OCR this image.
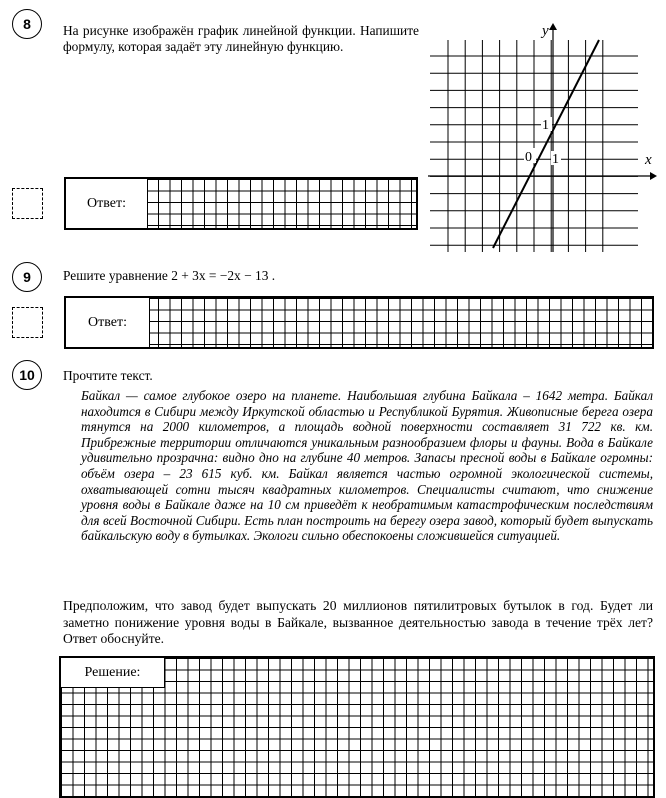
8	На рисунке изображён график линейной функции. Напишите формулу, которая задаёт эту линейную функцию.
1
0 1	x
y
Ответ:
9	Решите уравнение 2 + 3x = −2x − 13 .
Ответ:
10	Прочтите текст.
Байкал — самое глубокое озеро на планете. Наибольшая глубина Байкала – 1642 метра. Байкал находится в Сибири между Иркутской областью и Республикой Бурятия. Живописные берега озера тянутся на 2000 километров, а площадь водной поверхности составляет 31 722 кв. км. Прибрежные территории отличаются уникальным разнообразием флоры и фауны. Вода в Байкале удивительно прозрачна: видно дно на глубине 40 метров. Запасы пресной воды в Байкале огромны: объём озера – 23 615 куб. км. Байкал является частью огромной экологической системы, охватывающей сотни тысяч квадратных километров. Специалисты считают, что снижение уровня воды в Байкале даже на 10 см приведёт к необратимым катастрофическим последствиям для всей Восточной Сибири. Есть план построить на берегу озера завод, который будет выпускать байкальскую воду в бутылках. Экологи сильно обеспокоены сложившейся ситуацией.
Предположим, что завод будет выпускать 20 миллионов пятилитровых бутылок в год. Будет ли заметно понижение уровня воды в Байкале, вызванное деятельностью завода в течение трёх лет? Ответ обоснуйте.
Решение:
